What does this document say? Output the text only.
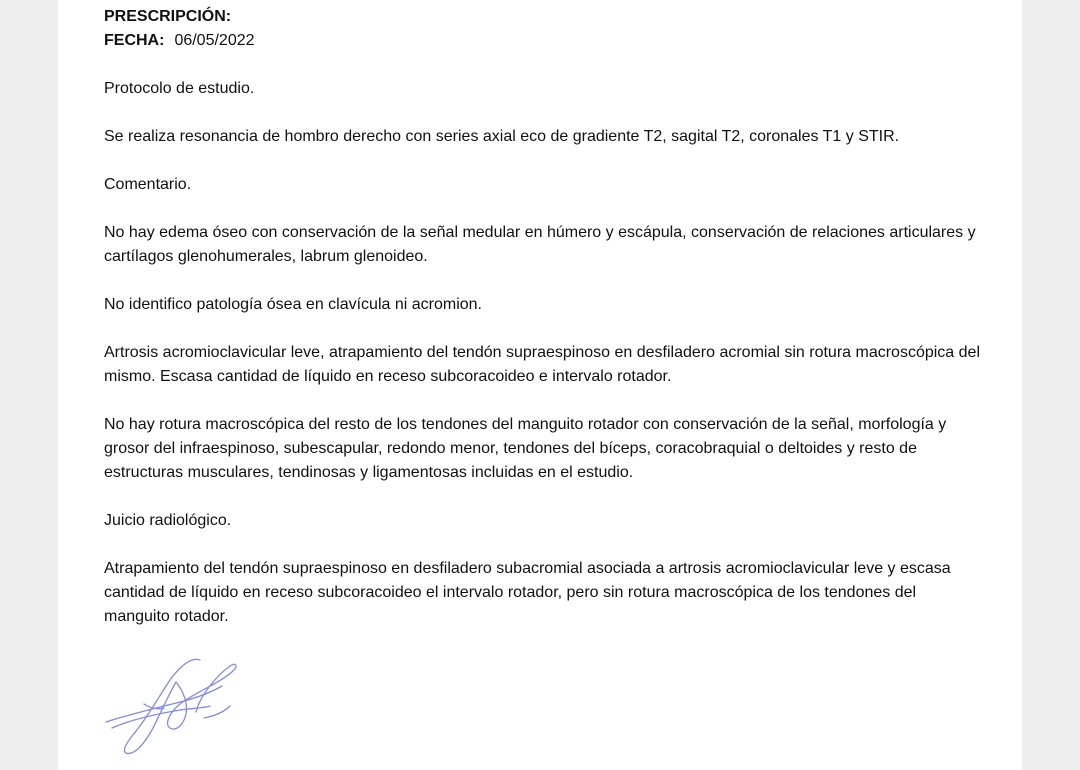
PRESCRIPCIÓN:

FECHA: 06/05/2022

Protocolo de estudio.

Se realiza resonancia de hombro derecho con series axial eco de gradiente T2, sagital T2, coronales T1 y STIR.

Comentario.

No hay edema óseo con conservación de la señal medular en húmero y escápula, conservación de relaciones articulares y cartílagos glenohumerales, labrum glenoideo.

No identifico patología ósea en clavícula ni acromion.

Artrosis acromioclavicular leve, atrapamiento del tendón supraespinoso en desfiladero acromial sin rotura macroscópica del mismo. Escasa cantidad de líquido en receso subcoracoideo e intervalo rotador.

No hay rotura macroscópica del resto de los tendones del manguito rotador con conservación de la señal, morfología y grosor del infraespinoso, subescapular, redondo menor, tendones del bíceps, coracobraquial o deltoides y resto de estructuras musculares, tendinosas y ligamentosas incluidas en el estudio.

Juicio radiológico.

Atrapamiento del tendón supraespinoso en desfiladero subacromial asociada a artrosis acromioclavicular leve y escasa cantidad de líquido en receso subcoracoideo el intervalo rotador, pero sin rotura macroscópica de los tendones del manguito rotador.
